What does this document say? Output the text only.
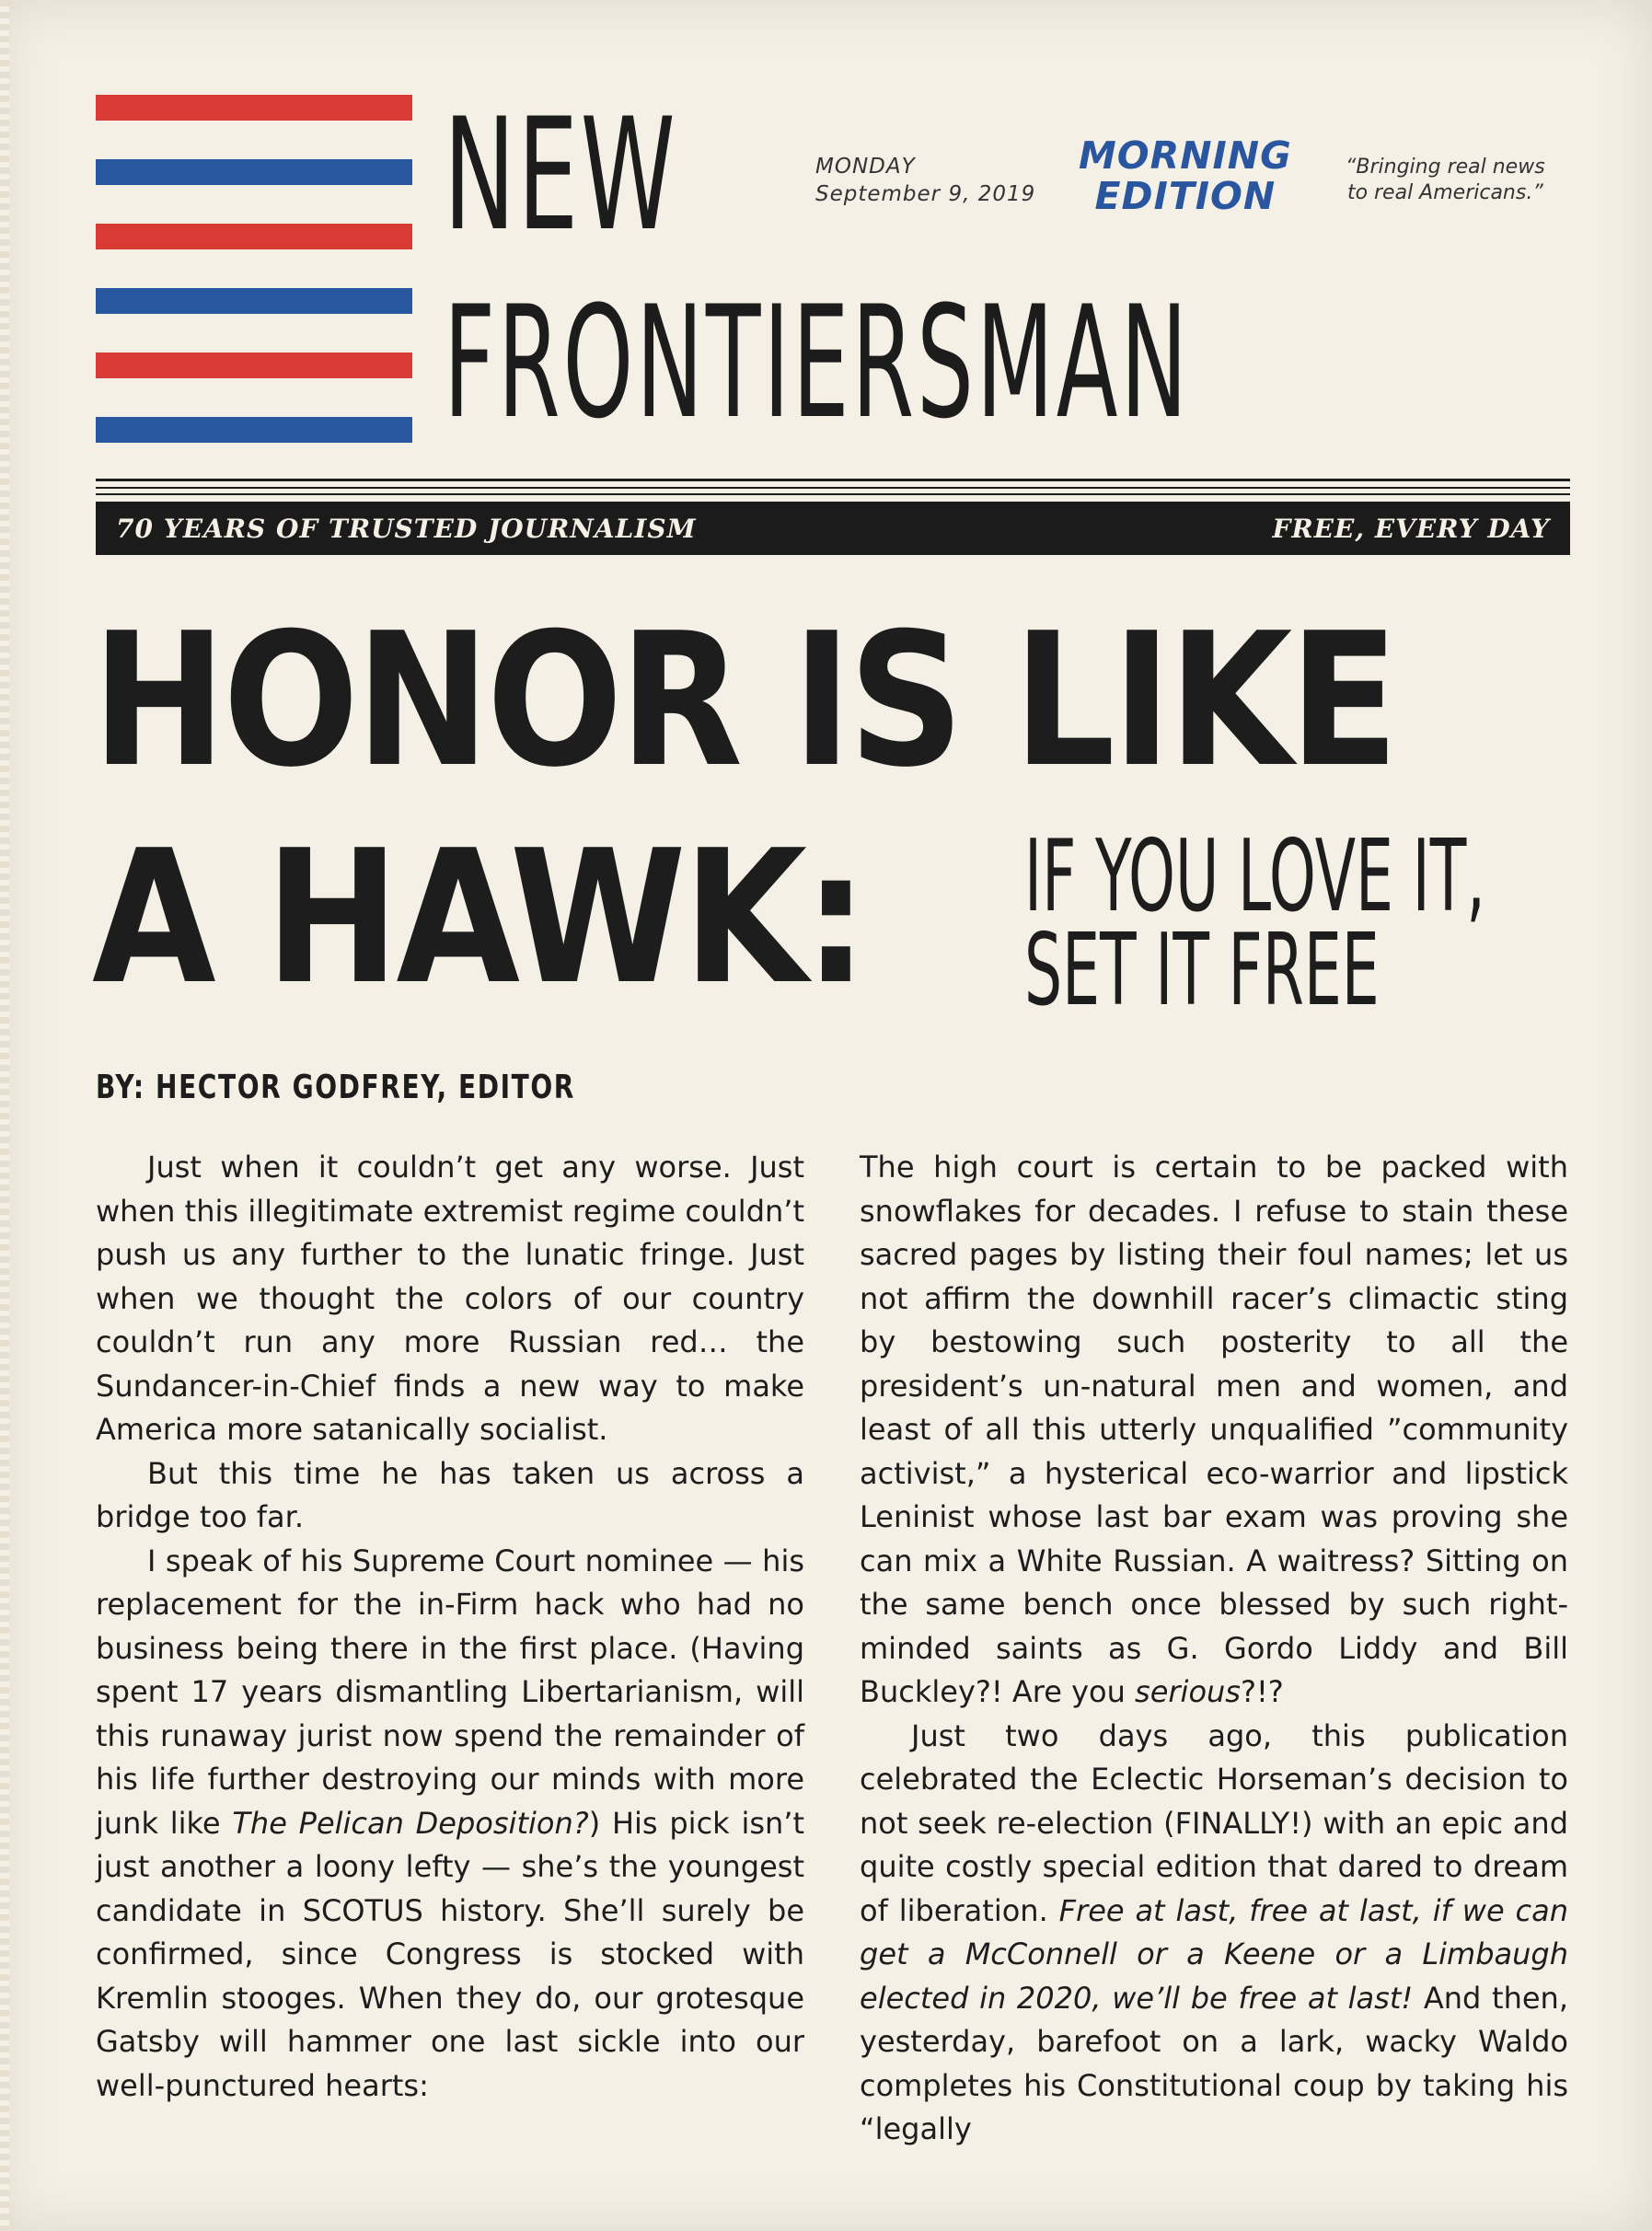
NEW
FRONTIERSMAN
MONDAY
September 9, 2019
MORNING
EDITION
“Bringing real news
to real Americans.”
70 YEARS OF TRUSTED JOURNALISM	FREE, EVERY DAY
HONOR IS LIKE
A HAWK: IF YOU LOVE IT,
SET IT FREE
BY: HECTOR GODFREY, EDITOR

Just when it couldn’t get any worse. Just when this illegitimate extremist regime couldn’t push us any further to the lunatic fringe. Just when we thought the colors of our country couldn’t run any more Russian red… the Sundancer-in-Chief finds a new way to make America more satanically socialist.

But this time he has taken us across a bridge too far.

I speak of his Supreme Court nominee — his replacement for the in-Firm hack who had no business being there in the first place. (Having spent 17 years dismantling Libertarianism, will this runaway jurist now spend the remainder of his life further destroying our minds with more junk like The Pelican Deposition?) His pick isn’t just another a loony lefty — she’s the youngest candidate in SCOTUS history. She’ll surely be confirmed, since Congress is stocked with Kremlin stooges. When they do, our grotesque Gatsby will hammer one last sickle into our well-punctured hearts:

The high court is certain to be packed with snowflakes for decades. I refuse to stain these sacred pages by listing their foul names; let us not affirm the downhill racer’s climactic sting by bestowing such posterity to all the president’s un-natural men and women, and least of all this utterly unqualified ”community activist,” a hysterical eco-warrior and lipstick Leninist whose last bar exam was proving she can mix a White Russian. A waitress? Sitting on the same bench once blessed by such right-minded saints as G. Gordo Liddy and Bill Buckley?! Are you serious?!?

Just two days ago, this publication celebrated the Eclectic Horseman’s decision to not seek re-election (FINALLY!) with an epic and quite costly special edition that dared to dream of liberation. Free at last, free at last, if we can get a McConnell or a Keene or a Limbaugh elected in 2020, we’ll be free at last! And then, yesterday, barefoot on a lark, wacky Waldo completes his Constitutional coup by taking his “legally
